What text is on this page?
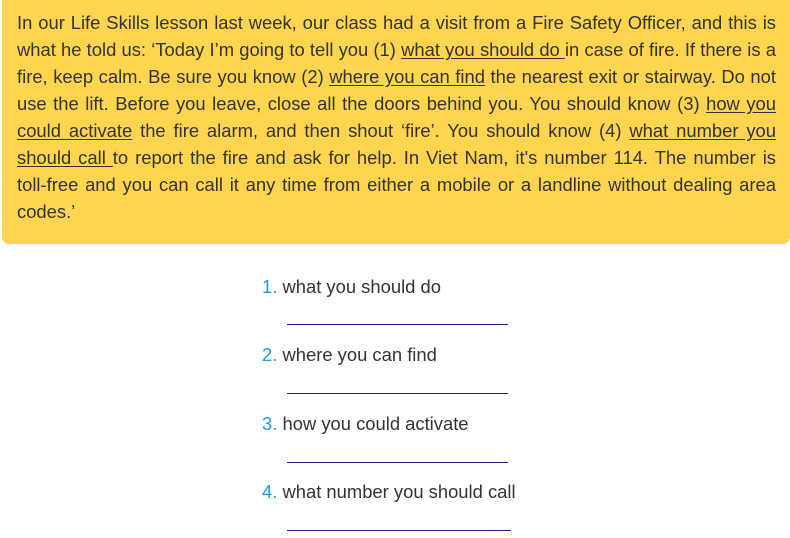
In our Life Skills lesson last week, our class had a visit from a Fire Safety Officer, and this is what he told us: ‘Today I’m going to tell you (1) what you should do in case of fire. If there is a fire, keep calm. Be sure you know (2) where you can find the nearest exit or stairway. Do not use the lift. Before you leave, close all the doors behind you. You should know (3) how you could activate the fire alarm, and then shout ‘fire’. You should know (4) what number you should call to report the fire and ask for help. In Viet Nam, it's number 114. The number is toll-free and you can call it any time from either a mobile or a landline without dealing area codes.’

1. what you should do
2. where you can find
3. how you could activate
4. what number you should call
